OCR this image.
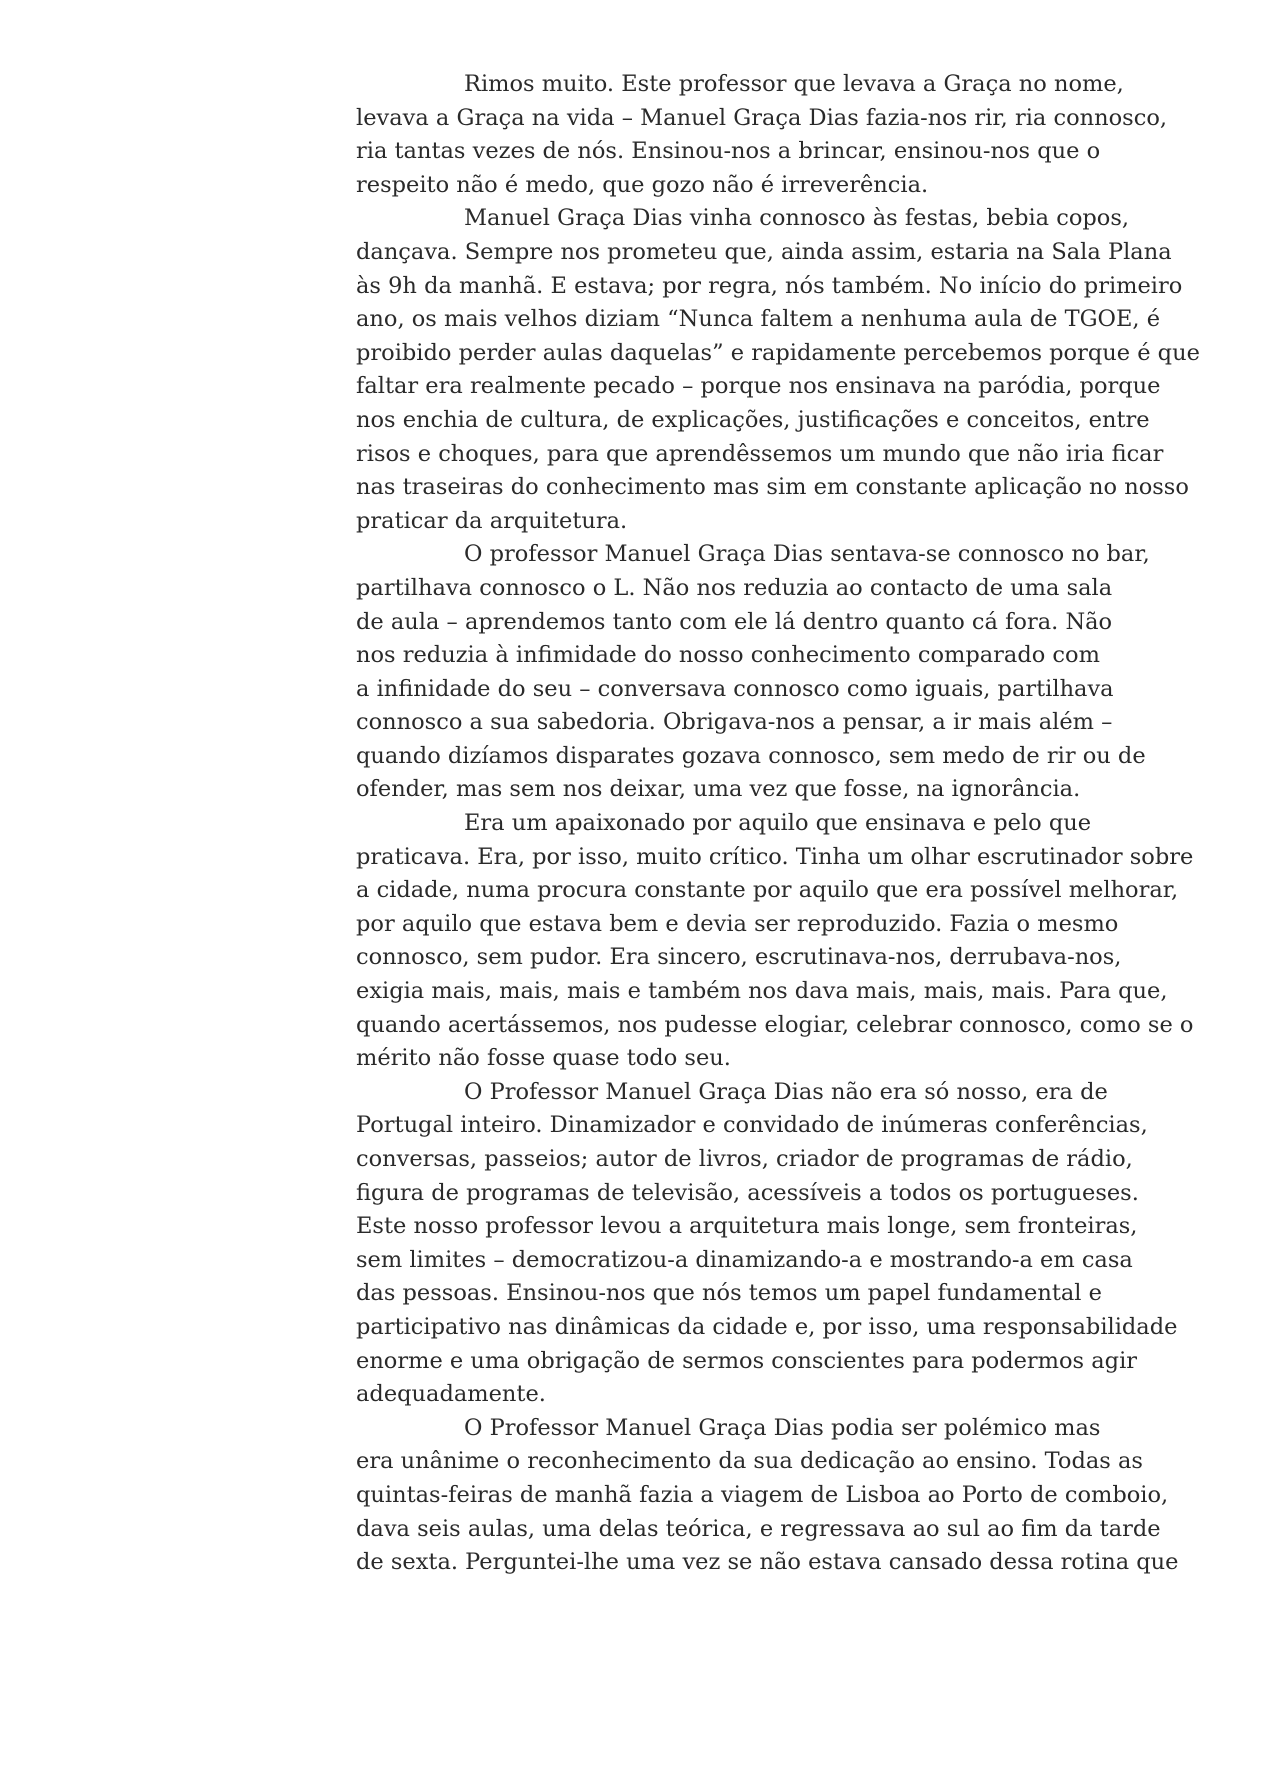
Rimos muito. Este professor que levava a Graça no nome,
levava a Graça na vida – Manuel Graça Dias fazia-nos rir, ria connosco,
ria tantas vezes de nós. Ensinou-nos a brincar, ensinou-nos que o
respeito não é medo, que gozo não é irreverência.
Manuel Graça Dias vinha connosco às festas, bebia copos,
dançava. Sempre nos prometeu que, ainda assim, estaria na Sala Plana
às 9h da manhã. E estava; por regra, nós também. No início do primeiro
ano, os mais velhos diziam “Nunca faltem a nenhuma aula de TGOE, é
proibido perder aulas daquelas” e rapidamente percebemos porque é que
faltar era realmente pecado – porque nos ensinava na paródia, porque
nos enchia de cultura, de explicações, justificações e conceitos, entre
risos e choques, para que aprendêssemos um mundo que não iria ficar
nas traseiras do conhecimento mas sim em constante aplicação no nosso
praticar da arquitetura.
O professor Manuel Graça Dias sentava-se connosco no bar,
partilhava connosco o L. Não nos reduzia ao contacto de uma sala
de aula – aprendemos tanto com ele lá dentro quanto cá fora. Não
nos reduzia à infimidade do nosso conhecimento comparado com
a infinidade do seu – conversava connosco como iguais, partilhava
connosco a sua sabedoria. Obrigava-nos a pensar, a ir mais além –
quando dizíamos disparates gozava connosco, sem medo de rir ou de
ofender, mas sem nos deixar, uma vez que fosse, na ignorância.
Era um apaixonado por aquilo que ensinava e pelo que
praticava. Era, por isso, muito crítico. Tinha um olhar escrutinador sobre
a cidade, numa procura constante por aquilo que era possível melhorar,
por aquilo que estava bem e devia ser reproduzido. Fazia o mesmo
connosco, sem pudor. Era sincero, escrutinava-nos, derrubava-nos,
exigia mais, mais, mais e também nos dava mais, mais, mais. Para que,
quando acertássemos, nos pudesse elogiar, celebrar connosco, como se o
mérito não fosse quase todo seu.
O Professor Manuel Graça Dias não era só nosso, era de
Portugal inteiro. Dinamizador e convidado de inúmeras conferências,
conversas, passeios; autor de livros, criador de programas de rádio,
figura de programas de televisão, acessíveis a todos os portugueses.
Este nosso professor levou a arquitetura mais longe, sem fronteiras,
sem limites – democratizou-a dinamizando-a e mostrando-a em casa
das pessoas. Ensinou-nos que nós temos um papel fundamental e
participativo nas dinâmicas da cidade e, por isso, uma responsabilidade
enorme e uma obrigação de sermos conscientes para podermos agir
adequadamente.
O Professor Manuel Graça Dias podia ser polémico mas
era unânime o reconhecimento da sua dedicação ao ensino. Todas as
quintas-feiras de manhã fazia a viagem de Lisboa ao Porto de comboio,
dava seis aulas, uma delas teórica, e regressava ao sul ao fim da tarde
de sexta. Perguntei-lhe uma vez se não estava cansado dessa rotina que
